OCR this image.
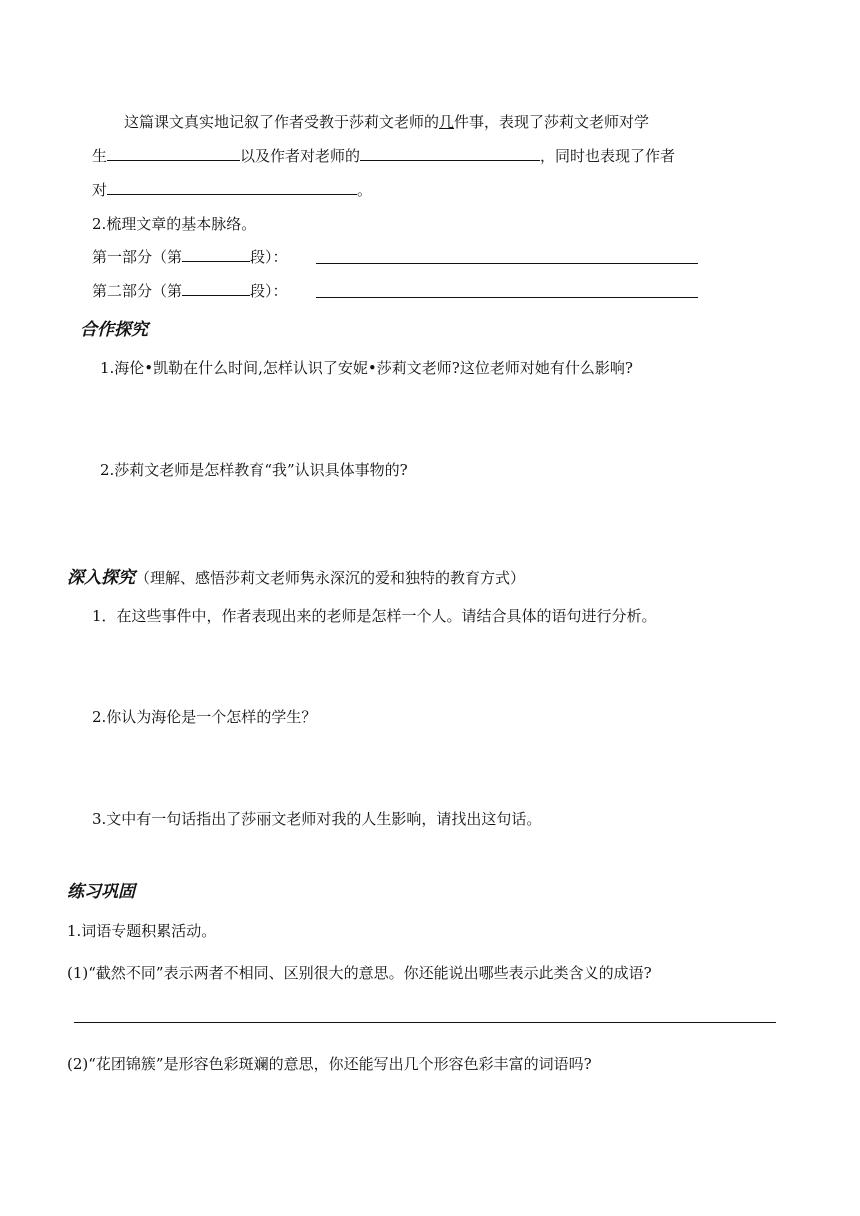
这篇课文真实地记叙了作者受教于莎莉文老师的几件事，表现了莎莉文老师对学
生	以及作者对老师的	，同时也表现了作者
对	。
2.梳理文章的基本脉络。
第一部分（第	段）：
第二部分（第	段）：
合作探究
1.海伦•凯勒在什么时间,怎样认识了安妮•莎莉文老师?这位老师对她有什么影响?
2.莎莉文老师是怎样教育“我”认识具体事物的?
深入探究（理解、感悟莎莉文老师隽永深沉的爱和独特的教育方式）
1．在这些事件中，作者表现出来的老师是怎样一个人。请结合具体的语句进行分析。
2.你认为海伦是一个怎样的学生？
3.文中有一句话指出了莎丽文老师对我的人生影响，请找出这句话。
练习巩固
1.词语专题积累活动。
(1)“截然不同”表示两者不相同、区别很大的意思。你还能说出哪些表示此类含义的成语?
(2)“花团锦簇”是形容色彩斑斓的意思，你还能写出几个形容色彩丰富的词语吗?
